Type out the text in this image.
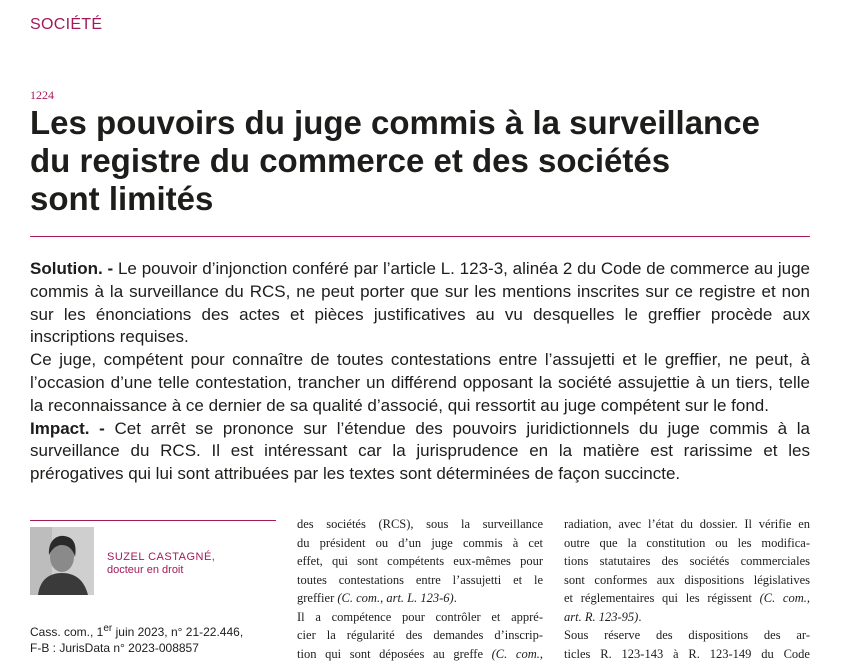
SOCIÉTÉ
1224
Les pouvoirs du juge commis à la surveillance
du registre du commerce et des sociétés
sont limités

Solution. - Le pouvoir d’injonction conféré par l’article L. 123-3, alinéa 2 du Code de commerce au juge commis à la surveillance du RCS, ne peut porter que sur les mentions inscrites sur ce registre et non sur les énonciations des actes et pièces justificatives au vu desquelles le greffier procède aux inscriptions requises.

Ce juge, compétent pour connaître de toutes contestations entre l’assujetti et le greffier, ne peut, à l’occasion d’une telle contestation, trancher un différend opposant la société assujettie à un tiers, telle la reconnaissance à ce dernier de sa qualité d’associé, qui ressortit au juge compétent sur le fond.

Impact. - Cet arrêt se prononce sur l’étendue des pouvoirs juridictionnels du juge commis à la surveillance du RCS. Il est intéressant car la jurisprudence en la matière est rarissime et les prérogatives qui lui sont attribuées par les textes sont déterminées de façon succincte.

SUZEL CASTAGNÉ,
docteur en droit
Cass. com., 1er juin 2023, n° 21-22.446,
F-B : JurisData n° 2023-008857
des sociétés (RCS), sous la surveillance
du président ou d’un juge commis à cet
effet, qui sont compétents eux-mêmes pour
toutes contestations entre l’assujetti et le
greffier (C. com., art. L. 123-6).
Il a compétence pour contrôler et appré-
cier la régularité des demandes d’inscrip-
tion qui sont déposées au greffe (C. com.,
radiation, avec l’état du dossier. Il vérifie en
outre que la constitution ou les modifica-
tions statutaires des sociétés commerciales
sont conformes aux dispositions législatives
et réglementaires qui les régissent (C. com.,
art. R. 123-95).
Sous réserve des dispositions des ar-
ticles R. 123-143 à R. 123-149 du Code
